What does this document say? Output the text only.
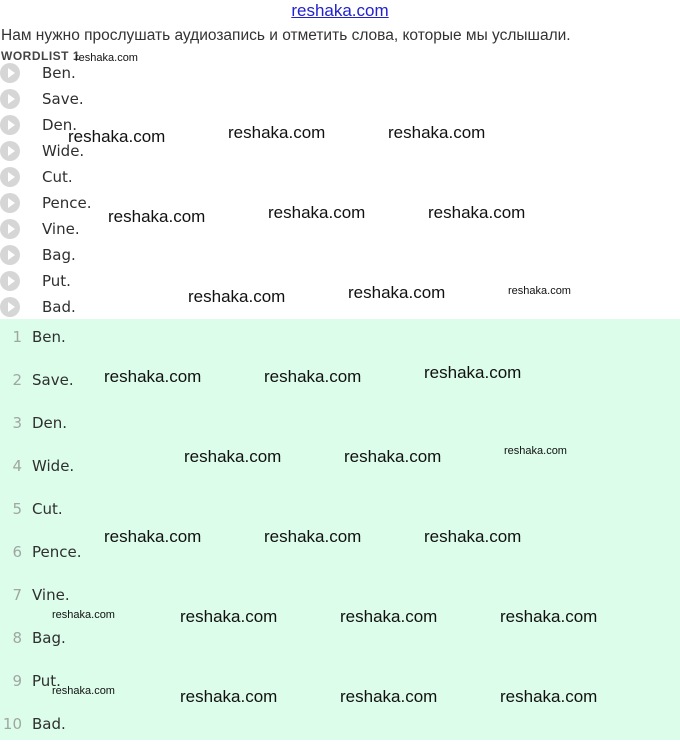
reshaka.com
Нам нужно прослушать аудиозапись и отметить слова, которые мы услышали.
WORDLIST 1
Ben.
Save.
Den.
Wide.
Cut.
Pence.
Vine.
Bag.
Put.
Bad.
1 Ben.
2 Save.
3 Den.
4 Wide.
5 Cut.
6 Pence.
7 Vine.
8 Bag.
9 Put.
10 Bad.
reshaka.com
reshaka.com	reshaka.com	reshaka.com
reshaka.com	reshaka.com	reshaka.com
reshaka.com	reshaka.com	reshaka.com
reshaka.com	reshaka.com	reshaka.com
reshaka.com	reshaka.com	reshaka.com
reshaka.com	reshaka.com	reshaka.com
reshaka.com	reshaka.com	reshaka.com	reshaka.com
reshaka.com	reshaka.com	reshaka.com	reshaka.com
